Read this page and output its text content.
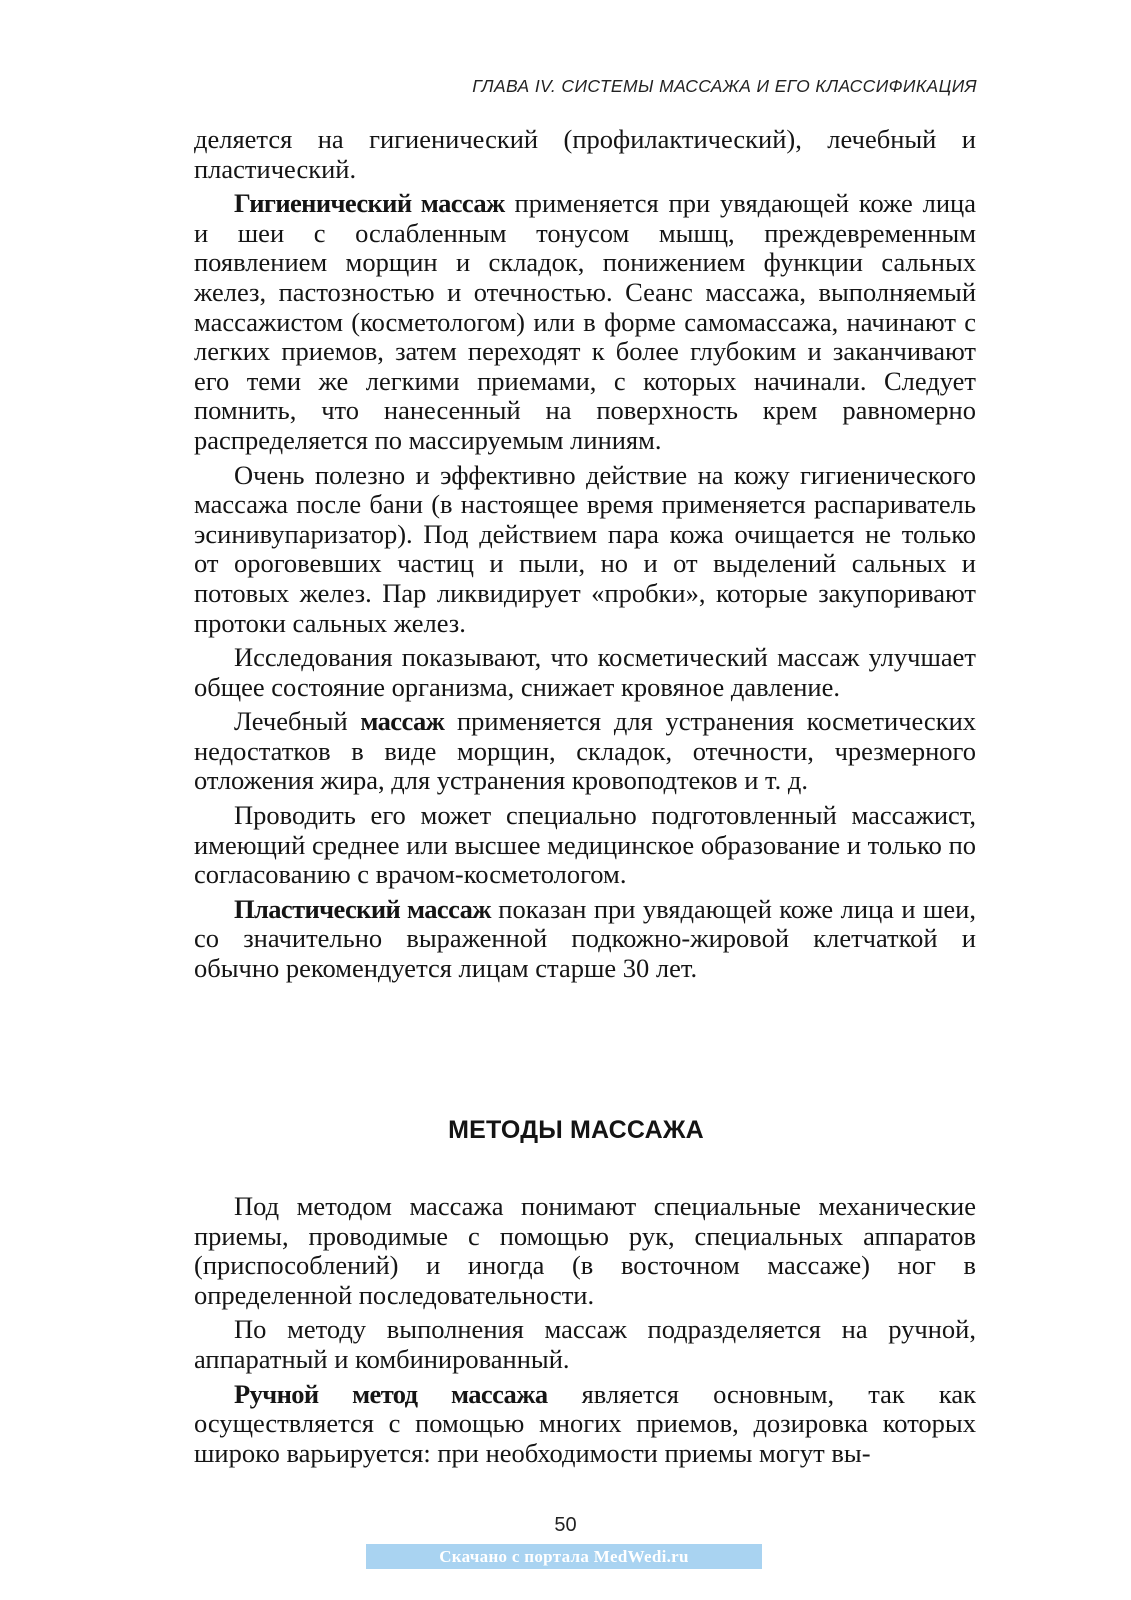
ГЛАВА IV. СИСТЕМЫ МАССАЖА И ЕГО КЛАССИФИКАЦИЯ

деляется на гигиенический (профилактический), лечебный и пластический.

Гигиенический массаж применяется при увядающей коже лица и шеи с ослабленным тонусом мышц, преждевременным появлением морщин и складок, понижением функции сальных желез, пастозностью и отечностью. Сеанс массажа, выполняемый массажистом (косметологом) или в форме самомассажа, начинают с легких приемов, затем переходят к более глубоким и заканчивают его теми же легкими приемами, с которых начинали. Следует помнить, что нанесенный на поверхность крем равномерно распределяется по массируемым линиям.

Очень полезно и эффективно действие на кожу гигиенического массажа после бани (в настоящее время применяется распариватель эсинивупаризатор). Под действием пара кожа очищается не только от ороговевших частиц и пыли, но и от выделений сальных и потовых желез. Пар ликвидирует «пробки», которые закупоривают протоки сальных желез.

Исследования показывают, что косметический массаж улучшает общее состояние организма, снижает кровяное давление.

Лечебный массаж применяется для устранения косметических недостатков в виде морщин, складок, отечности, чрезмерного отложения жира, для устранения кровоподтеков и т. д.

Проводить его может специально подготовленный массажист, имеющий среднее или высшее медицинское образование и только по согласованию с врачом-косметологом.

Пластический массаж показан при увядающей коже лица и шеи, со значительно выраженной подкожно-жировой клетчаткой и обычно рекомендуется лицам старше 30 лет.

МЕТОДЫ МАССАЖА

Под методом массажа понимают специальные механические приемы, проводимые с помощью рук, специальных аппаратов (приспособлений) и иногда (в восточном массаже) ног в определенной последовательности.

По методу выполнения массаж подразделяется на ручной, аппаратный и комбинированный.

Ручной метод массажа является основным, так как осуществляется с помощью многих приемов, дозировка которых широко варьируется: при необходимости приемы могут вы-

50
Скачано с портала MedWedi.ru
